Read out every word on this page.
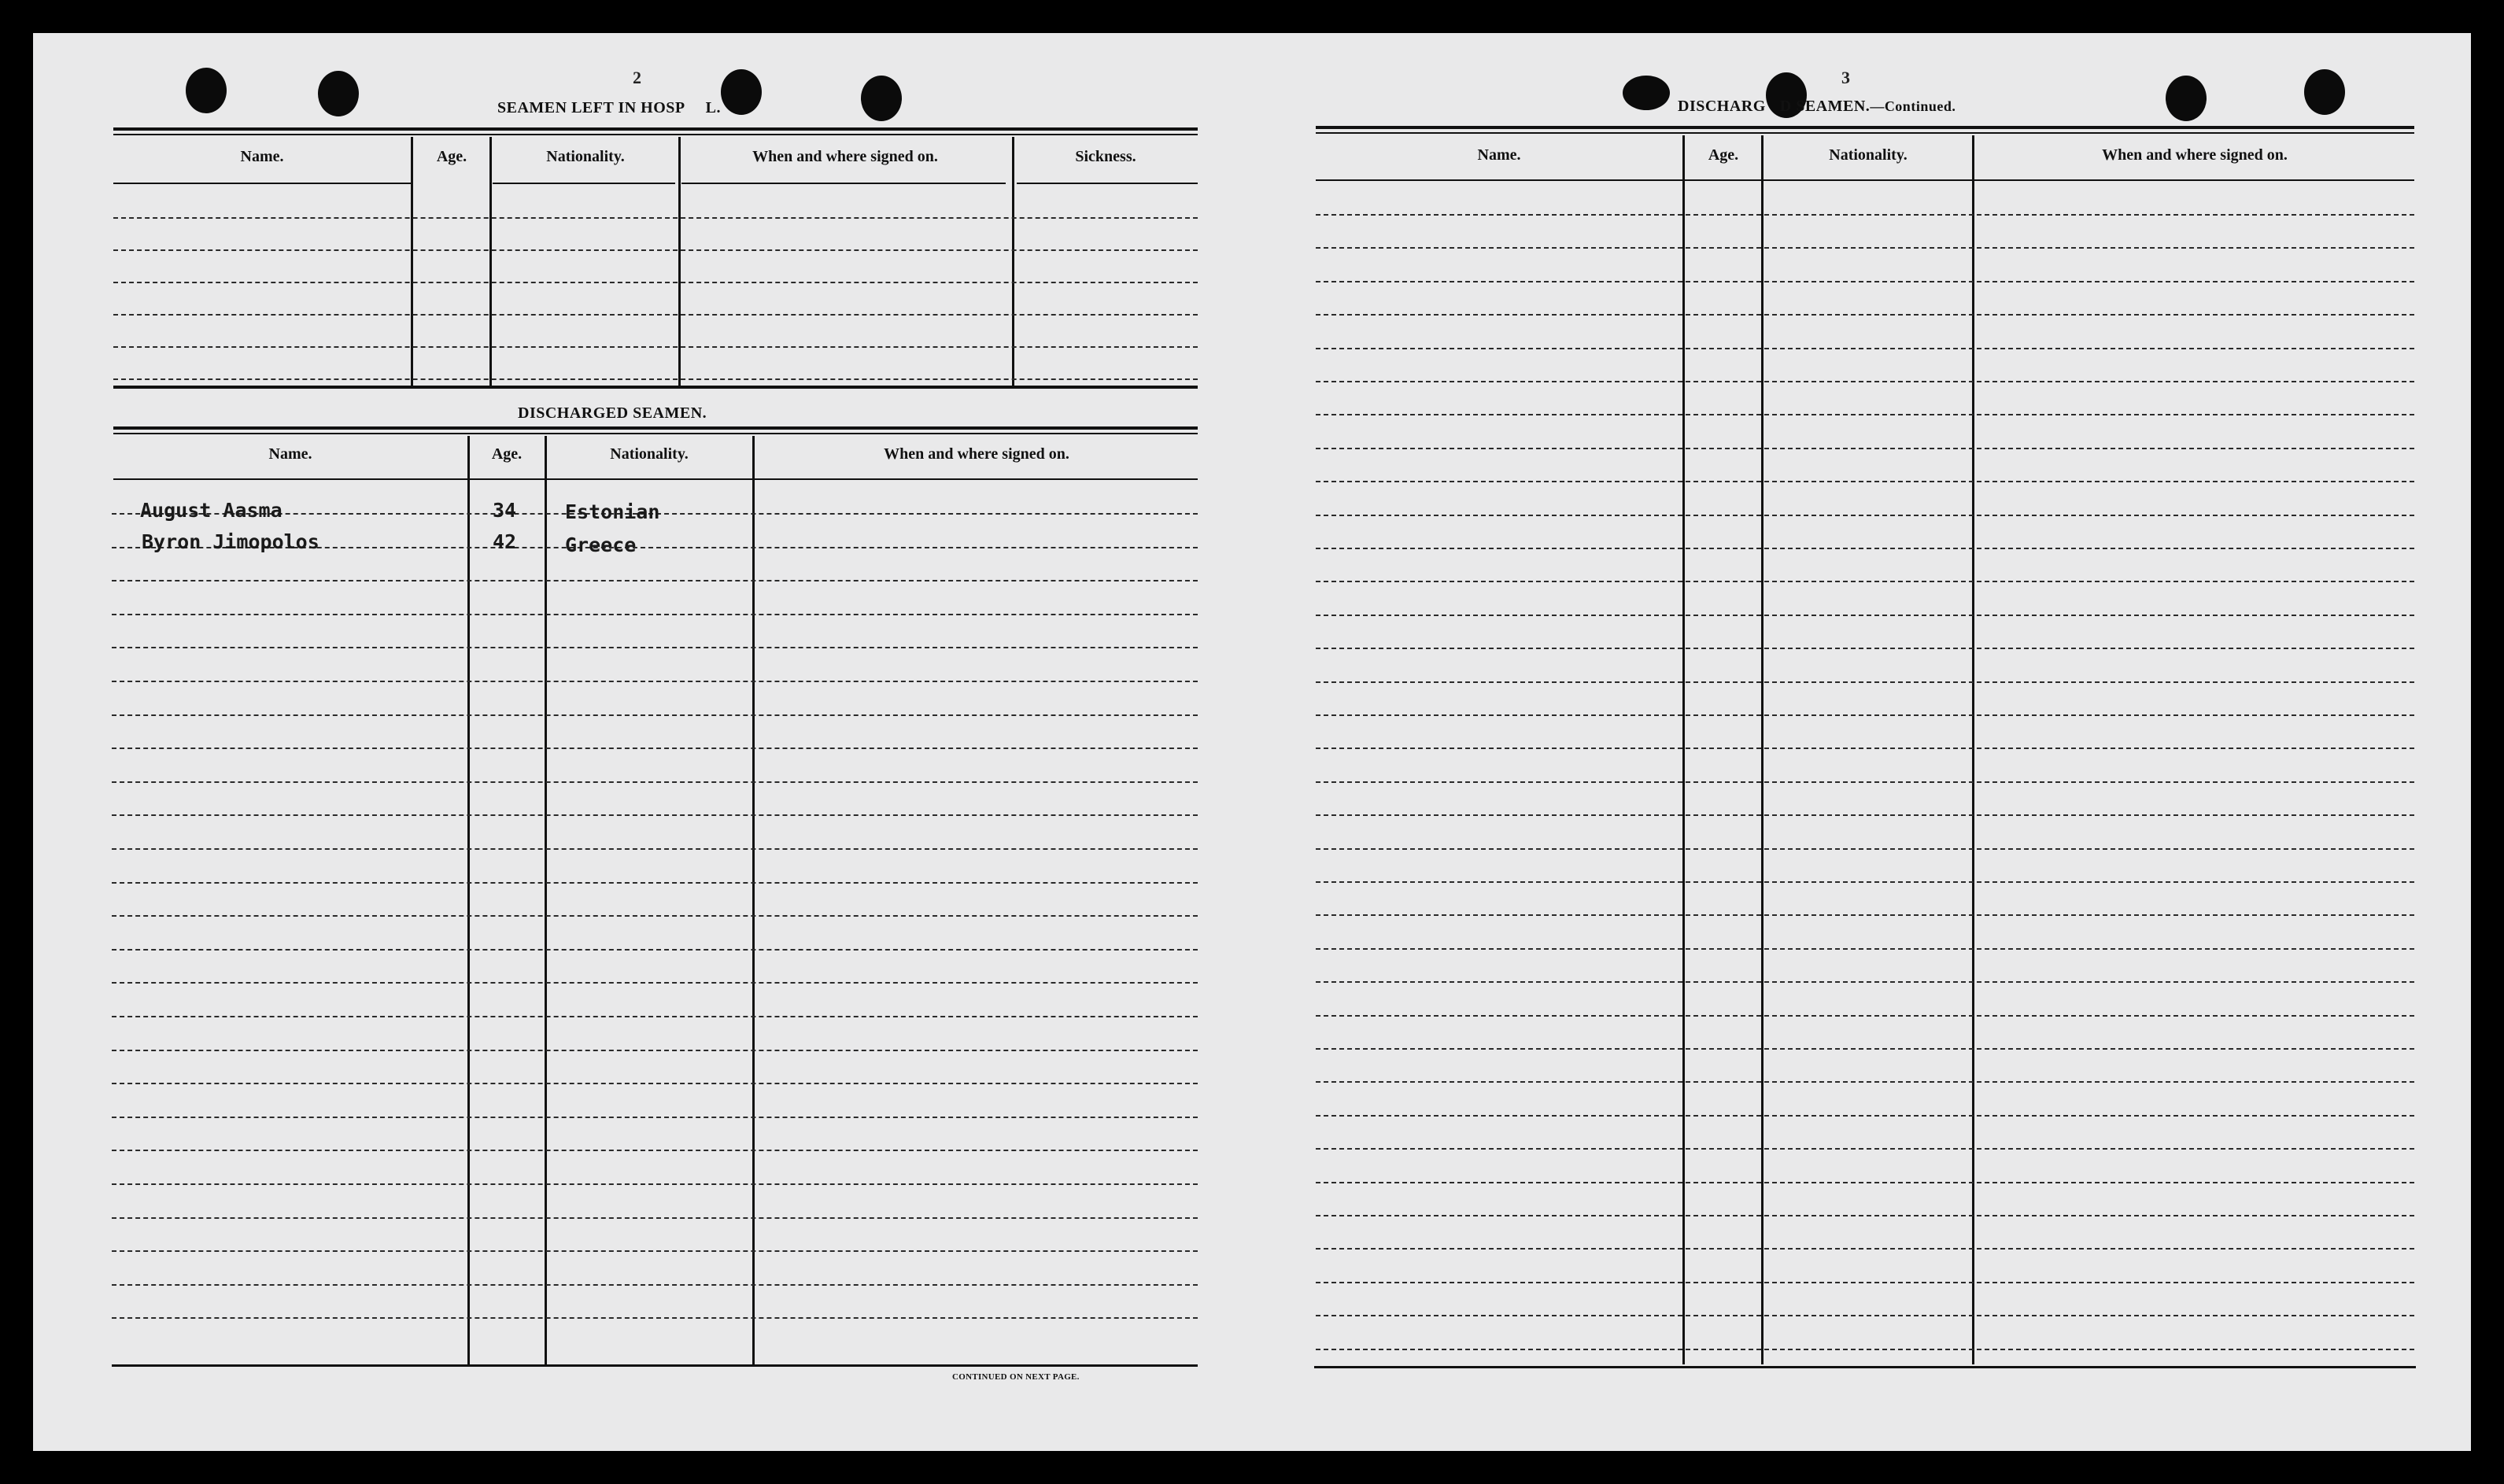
2
SEAMEN LEFT IN HOSP L.
Name.	Age.	Nationality.	When and where signed on.	Sickness.
DISCHARGED SEAMEN.
Name.	Age.	Nationality.	When and where signed on.
August Aasma	34 Estonian
Byron Jimopolos	42 Greece
CONTINUED ON NEXT PAGE.
3
DISCHARG D SEAMEN.—Continued.
Name.	Age.	Nationality.	When and where signed on.
